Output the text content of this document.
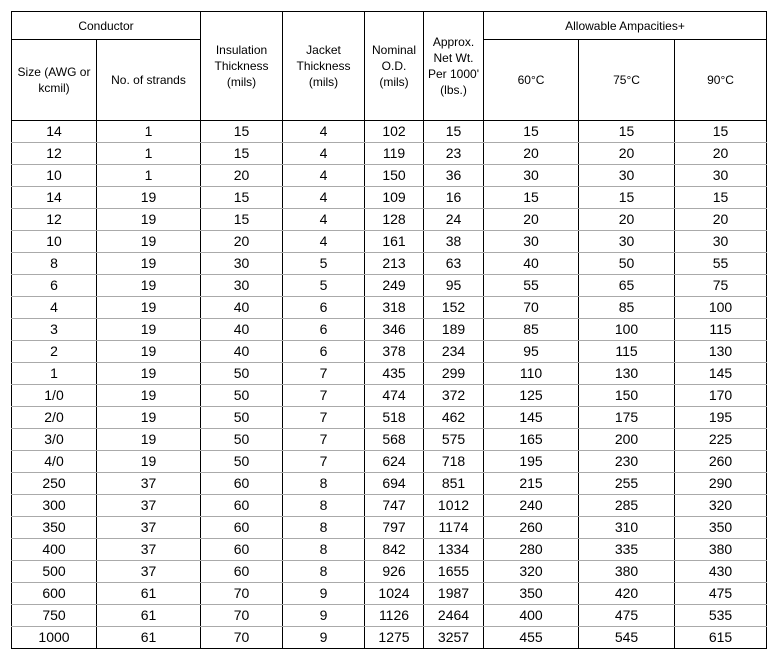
Conductor		Insulation Thickness (mils)	Jacket Thickness (mils)	Nominal O.D. (mils)	Approx. Net Wt. Per 1000' (lbs.)	Allowable Ampacities+		
Size (AWG or kcmil)	No. of strands					60°C	75°C	90°C
14	1	15	4	102	15	15	15	15
12	1	15	4	119	23	20	20	20
10	1	20	4	150	36	30	30	30
14	19	15	4	109	16	15	15	15
12	19	15	4	128	24	20	20	20
10	19	20	4	161	38	30	30	30
8	19	30	5	213	63	40	50	55
6	19	30	5	249	95	55	65	75
4	19	40	6	318	152	70	85	100
3	19	40	6	346	189	85	100	115
2	19	40	6	378	234	95	115	130
1	19	50	7	435	299	110	130	145
1/0	19	50	7	474	372	125	150	170
2/0	19	50	7	518	462	145	175	195
3/0	19	50	7	568	575	165	200	225
4/0	19	50	7	624	718	195	230	260
250	37	60	8	694	851	215	255	290
300	37	60	8	747	1012	240	285	320
350	37	60	8	797	1174	260	310	350
400	37	60	8	842	1334	280	335	380
500	37	60	8	926	1655	320	380	430
600	61	70	9	1024	1987	350	420	475
750	61	70	9	1126	2464	400	475	535
1000	61	70	9	1275	3257	455	545	615
